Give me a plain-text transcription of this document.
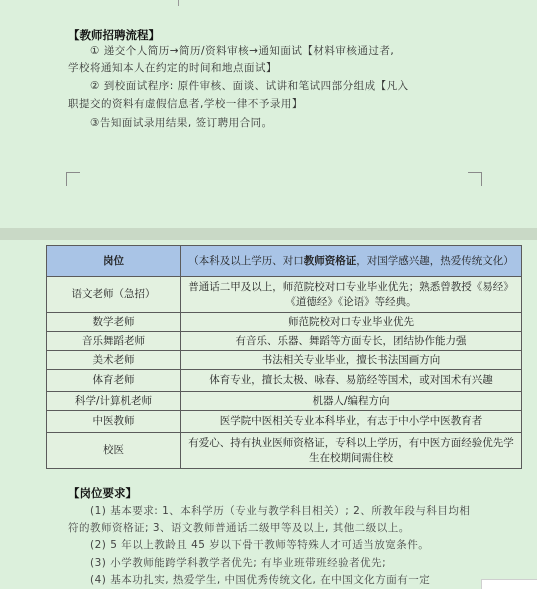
【教师招聘流程】
① 递交个人简历→简历/资料审核→通知面试【材料审核通过者,
学校将通知本人在约定的时间和地点面试】
② 到校面试程序: 原件审核、面谈、试讲和笔试四部分组成【凡入
职提交的资料有虚假信息者,学校一律不予录用】
③告知面试录用结果, 签订聘用合同。
岗位	（本科及以上学历、对口教师资格证，对国学感兴趣，热爱传统文化）
语文老师（急招）	普通话二甲及以上，师范院校对口专业毕业优先；熟悉曾教授《易经》《道德经》《论语》等经典。
数学老师	师范院校对口专业毕业优先
音乐舞蹈老师	有音乐、乐器、舞蹈等方面专长，团结协作能力强
美术老师	书法相关专业毕业，擅长书法国画方向
体育老师	体育专业，擅长太极、咏春、易筋经等国术，或对国术有兴趣
科学/计算机老师	机器人/编程方向
中医教师	医学院中医相关专业本科毕业，有志于中小学中医教育者
校医	有爱心、持有执业医师资格证，专科以上学历，有中医方面经验优先学生在校期间需住校
【岗位要求】
(1) 基本要求: 1、本科学历（专业与教学科目相关）; 2、所教年段与科目均相
符的教师资格证; 3、语文教师普通话二级甲等及以上, 其他二级以上。
(2) 5 年以上教龄且 45 岁以下骨干教师等特殊人才可适当放宽条件。
(3) 小学教师能跨学科教学者优先; 有毕业班带班经验者优先;
(4) 基本功扎实, 热爱学生, 中国优秀传统文化, 在中国文化方面有一定
